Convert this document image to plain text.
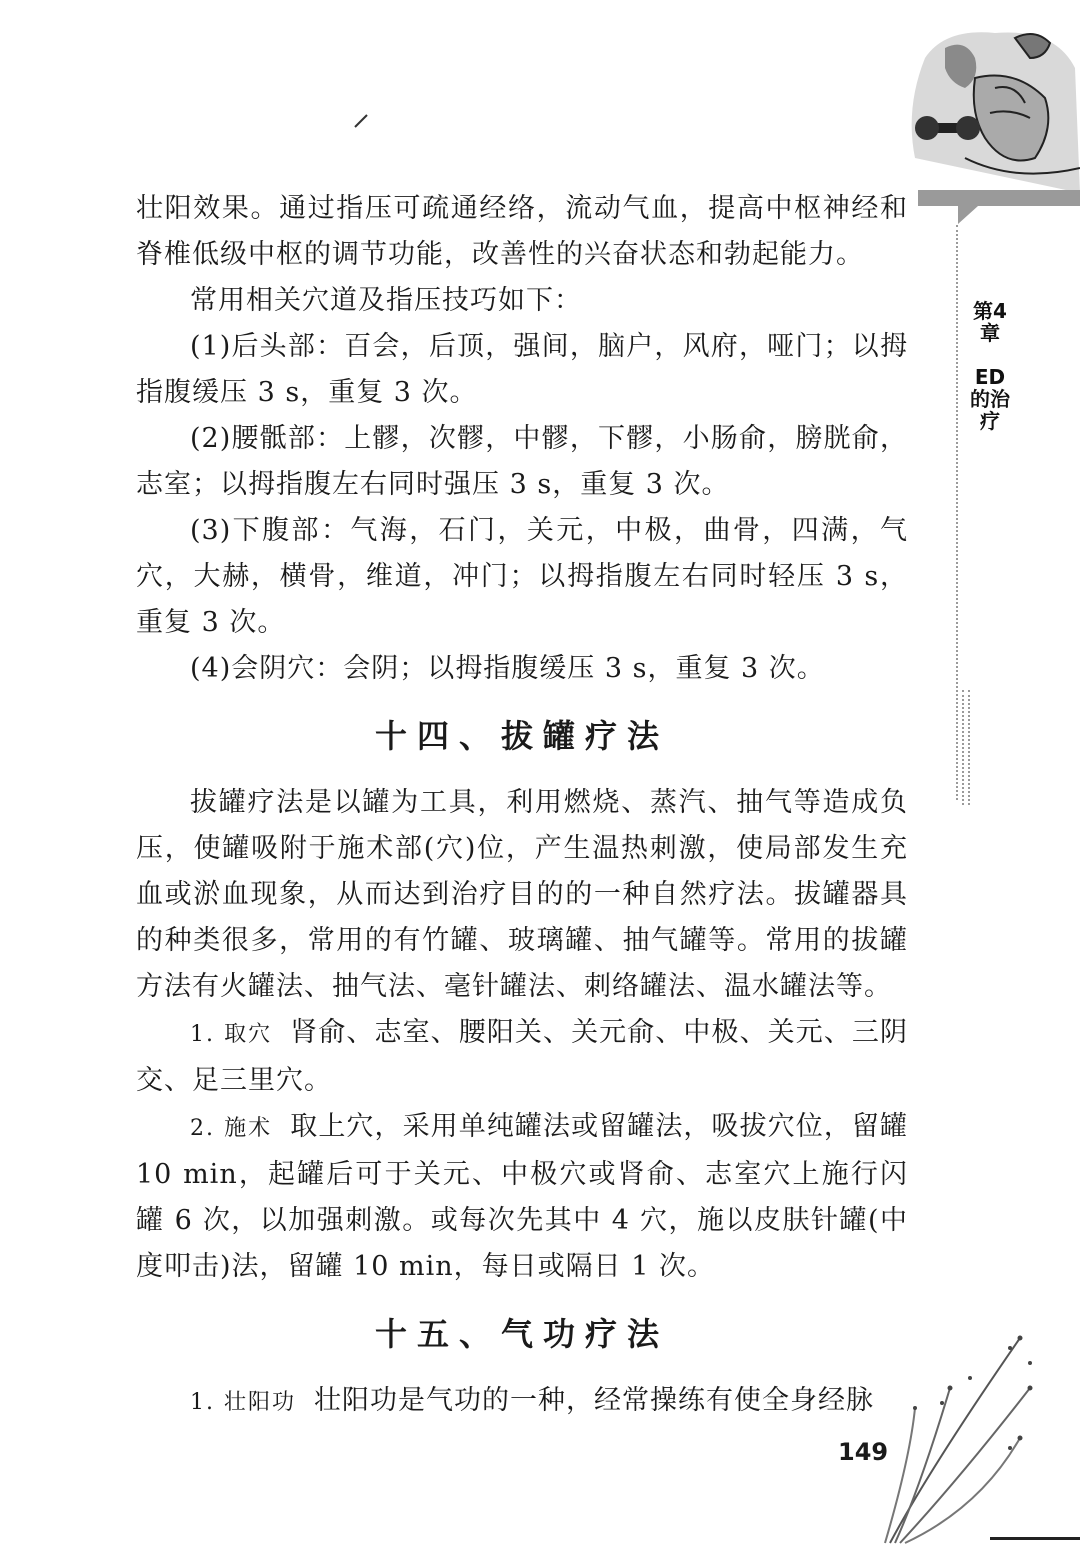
第4章
ED的治疗

壮阳效果。通过指压可疏通经络，流动气血，提高中枢神经和脊椎低级中枢的调节功能，改善性的兴奋状态和勃起能力。

常用相关穴道及指压技巧如下：

(1)后头部：百会，后顶，强间，脑户，风府，哑门；以拇指腹缓压 3 s，重复 3 次。

(2)腰骶部：上髎，次髎，中髎，下髎，小肠俞，膀胱俞，志室；以拇指腹左右同时强压 3 s，重复 3 次。

(3)下腹部：气海，石门，关元，中极，曲骨，四满，气穴，大赫，横骨，维道，冲门；以拇指腹左右同时轻压 3 s，重复 3 次。

(4)会阴穴：会阴；以拇指腹缓压 3 s，重复 3 次。

十四、拔罐疗法

拔罐疗法是以罐为工具，利用燃烧、蒸汽、抽气等造成负压，使罐吸附于施术部(穴)位，产生温热刺激，使局部发生充血或淤血现象，从而达到治疗目的的一种自然疗法。拔罐器具的种类很多，常用的有竹罐、玻璃罐、抽气罐等。常用的拔罐方法有火罐法、抽气法、毫针罐法、刺络罐法、温水罐法等。

1. 取穴 肾俞、志室、腰阳关、关元俞、中极、关元、三阴交、足三里穴。

2. 施术 取上穴，采用单纯罐法或留罐法，吸拔穴位，留罐 10 min，起罐后可于关元、中极穴或肾俞、志室穴上施行闪罐 6 次，以加强刺激。或每次先其中 4 穴，施以皮肤针罐(中度叩击)法，留罐 10 min，每日或隔日 1 次。

十五、气功疗法

1. 壮阳功 壮阳功是气功的一种，经常操练有使全身经脉

149
